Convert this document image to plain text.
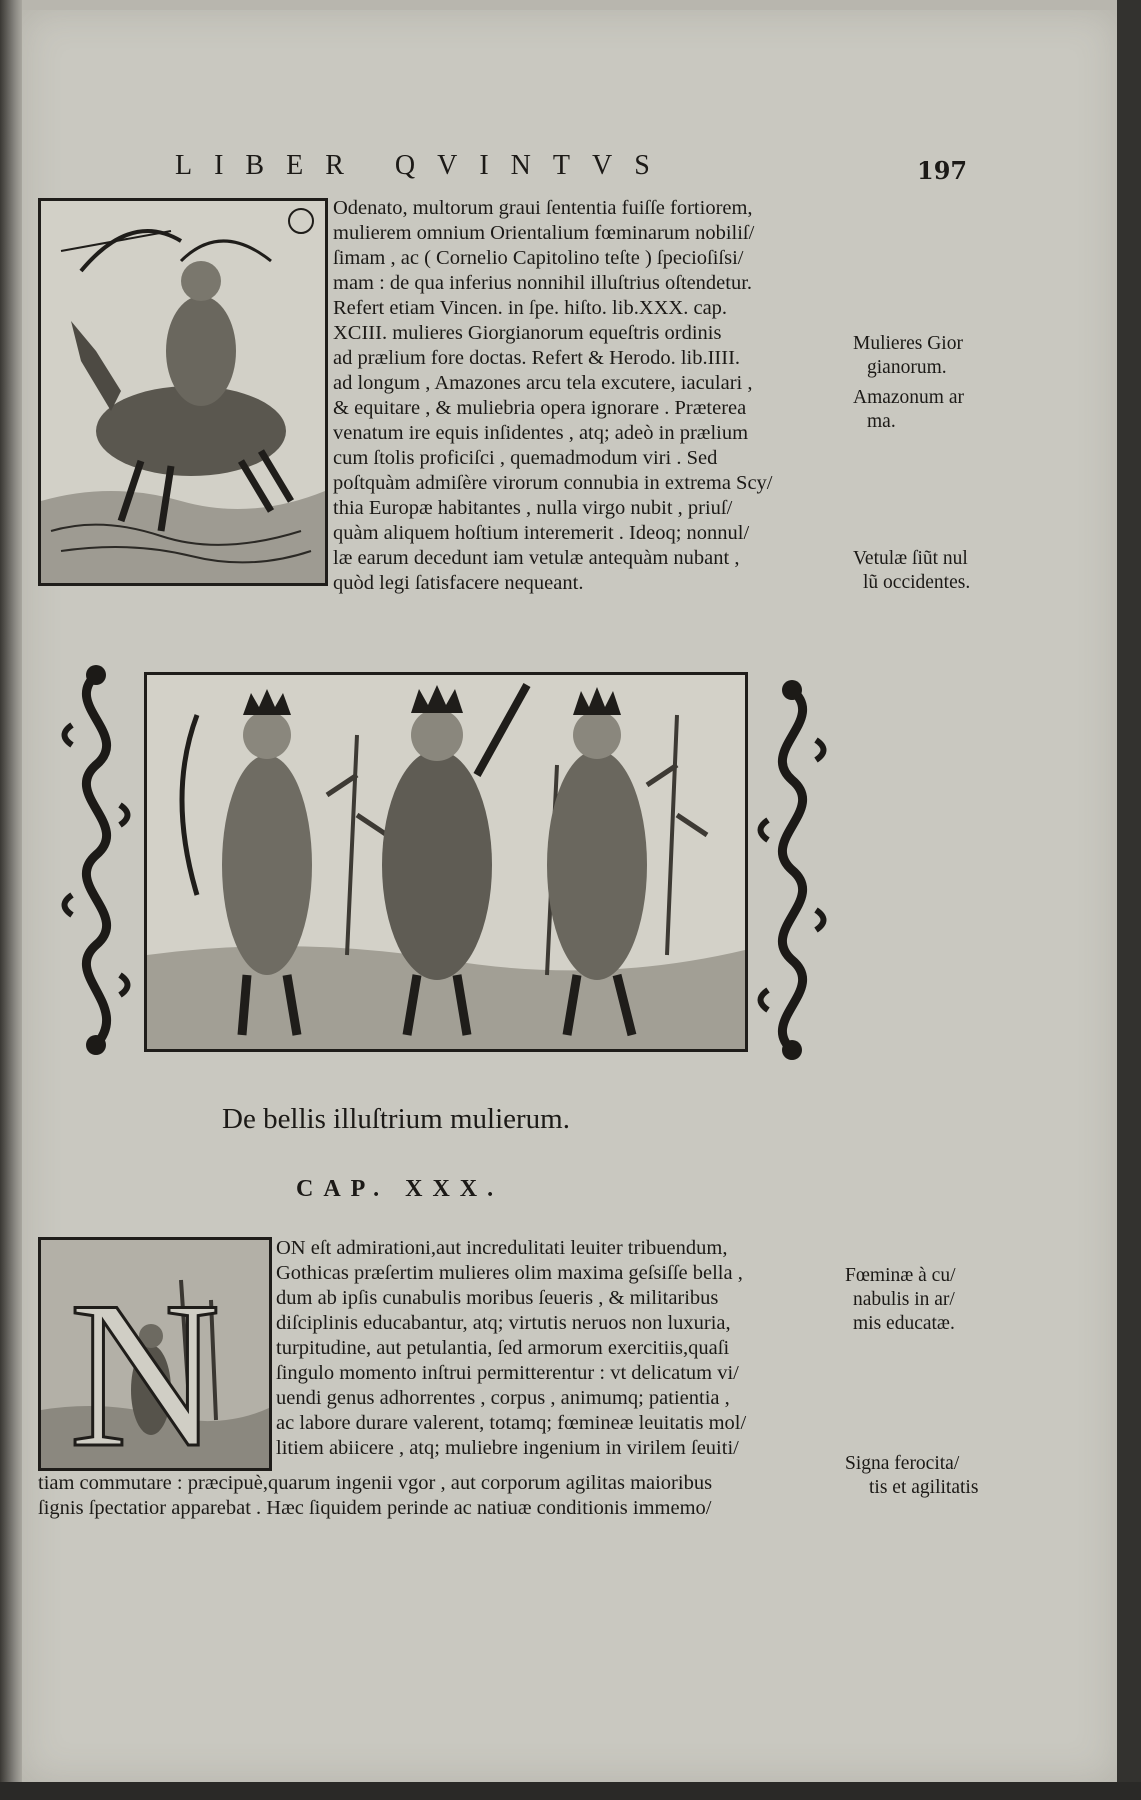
LIBER QVINTVS	197
Odenato, multorum graui ſententia fuiſſe fortiorem,
mulierem omnium Orientalium fœminarum nobiliſ/
ſimam , ac ( Cornelio Capitolino teſte ) ſpecioſiſsi/
mam : de qua inferius nonnihil illuſtrius oſtendetur.
Refert etiam Vincen. in ſpe. hiſto. lib.XXX. cap.
XCIII. mulieres Giorgianorum equeſtris ordinis
ad prælium fore doctas. Refert & Herodo. lib.IIII.
ad longum , Amazones arcu tela excutere, iaculari ,
& equitare , & muliebria opera ignorare . Præterea
venatum ire equis inſidentes , atq; adeò in prælium
cum ſtolis proficiſci , quemadmodum viri . Sed
poſtquàm admiſère virorum connubia in extrema Scy/
thia Europæ habitantes , nulla virgo nubit , priuſ/
quàm aliquem hoſtium interemerit . Ideoq; nonnul/
læ earum decedunt iam vetulæ antequàm nubant ,
quòd legi ſatisfacere nequeant.
Mulieres Gior
gianorum.
Amazonum ar
ma.
Vetulæ ſiũt nul
lũ occidentes.
De bellis illuſtrium mulierum.
CAP. XXX.
N
ON eſt admirationi,aut incredulitati leuiter tribuendum,
Gothicas præſertim mulieres olim maxima geſsiſſe bella ,
dum ab ipſis cunabulis moribus ſeueris , & militaribus
diſciplinis educabantur, atq; virtutis neruos non luxuria,
turpitudine, aut petulantia, ſed armorum exercitiis,quaſi
ſingulo momento inſtrui permitterentur : vt delicatum vi/
uendi genus adhorrentes , corpus , animumq; patientia ,
ac labore durare valerent, totamq; fœmineæ leuitatis mol/
litiem abiicere , atq; muliebre ingenium in virilem ſeuiti/
tiam commutare : præcipuè,quarum ingenii vgor , aut corporum agilitas maioribus
ſignis ſpectatior apparebat . Hæc ſiquidem perinde ac natiuæ conditionis immemo/
Fœminæ à cu/
nabulis in ar/
mis educatæ.
Signa ferocita/
tis et agilitatis
